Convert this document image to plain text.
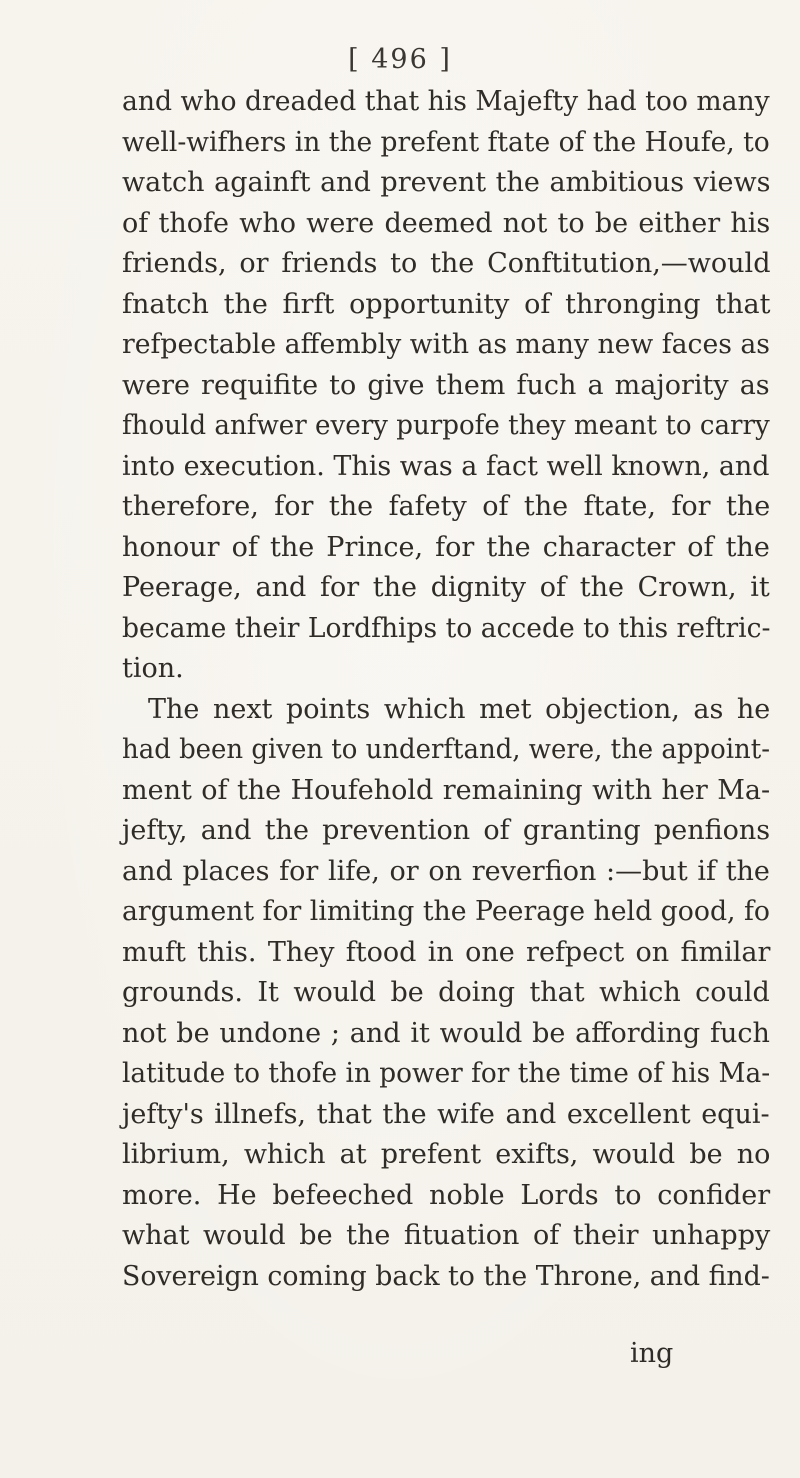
[ 496 ]
and who dreaded that his Majefty had too many
well-wifhers in the prefent ftate of the Houfe, to
watch againft and prevent the ambitious views
of thofe who were deemed not to be either his
friends, or friends to the Conftitution,—would
fnatch the firft opportunity of thronging that
refpectable affembly with as many new faces as
were requifite to give them fuch a majority as
fhould anfwer every purpofe they meant to carry
into execution. This was a fact well known, and
therefore, for the fafety of the ftate, for the
honour of the Prince, for the character of the
Peerage, and for the dignity of the Crown, it
became their Lordfhips to accede to this reftric-
tion.
The next points which met objection, as he
had been given to underftand, were, the appoint-
ment of the Houfehold remaining with her Ma-
jefty, and the prevention of granting penfions
and places for life, or on reverfion :—but if the
argument for limiting the Peerage held good, fo
muft this. They ftood in one refpect on fimilar
grounds. It would be doing that which could
not be undone ; and it would be affording fuch
latitude to thofe in power for the time of his Ma-
jefty's illnefs, that the wife and excellent equi-
librium, which at prefent exifts, would be no
more. He befeeched noble Lords to confider
what would be the fituation of their unhappy
Sovereign coming back to the Throne, and find-
ing
